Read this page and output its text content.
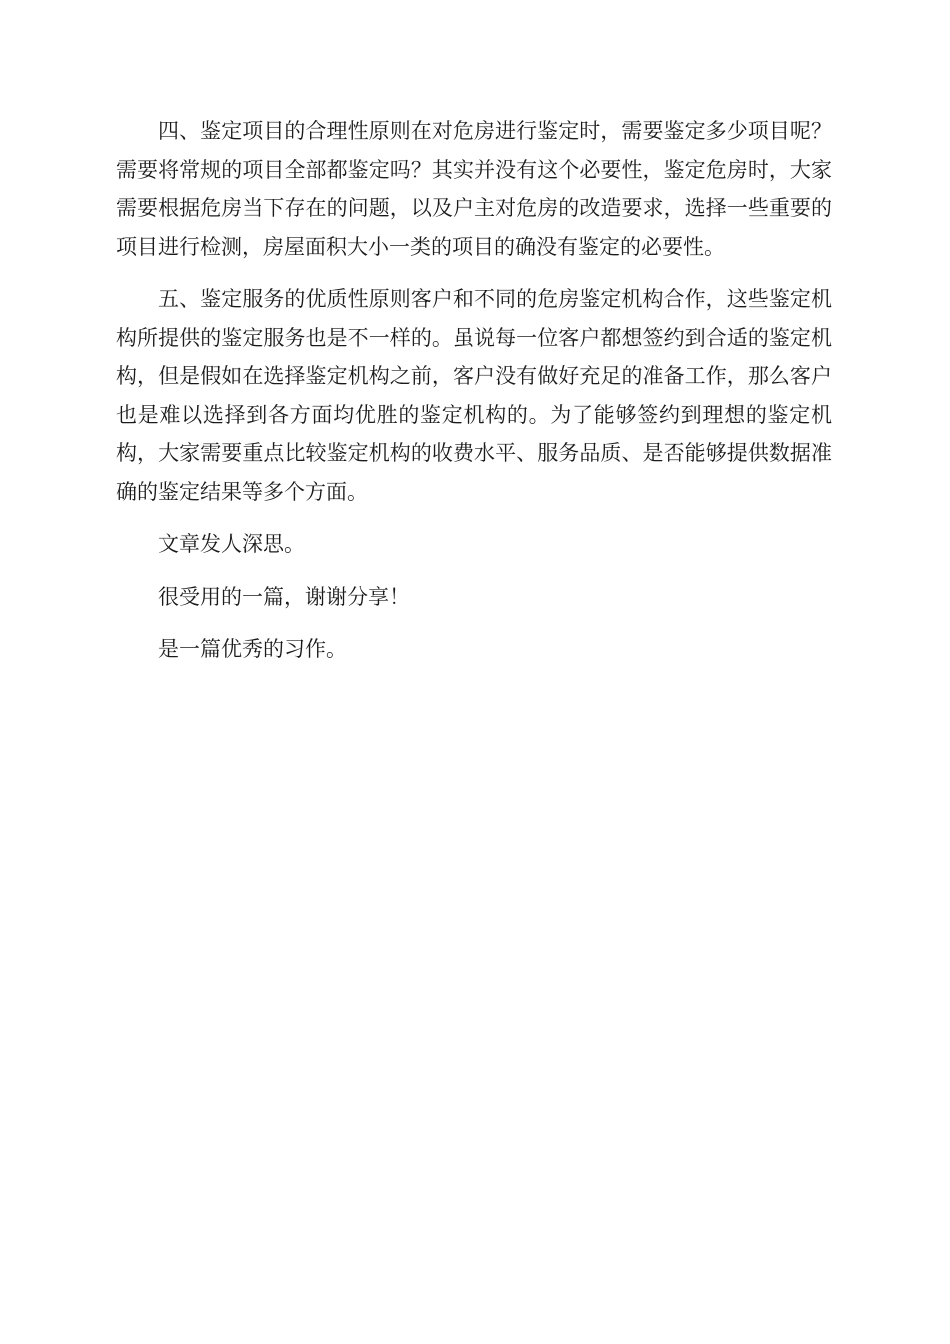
四、鉴定项目的合理性原则在对危房进行鉴定时，需要鉴定多少项目呢？需要将常规的项目全部都鉴定吗？其实并没有这个必要性，鉴定危房时，大家需要根据危房当下存在的问题，以及户主对危房的改造要求，选择一些重要的项目进行检测，房屋面积大小一类的项目的确没有鉴定的必要性。

五、鉴定服务的优质性原则客户和不同的危房鉴定机构合作，这些鉴定机构所提供的鉴定服务也是不一样的。虽说每一位客户都想签约到合适的鉴定机构，但是假如在选择鉴定机构之前，客户没有做好充足的准备工作，那么客户也是难以选择到各方面均优胜的鉴定机构的。为了能够签约到理想的鉴定机构，大家需要重点比较鉴定机构的收费水平、服务品质、是否能够提供数据准确的鉴定结果等多个方面。

文章发人深思。

很受用的一篇，谢谢分享！

是一篇优秀的习作。
